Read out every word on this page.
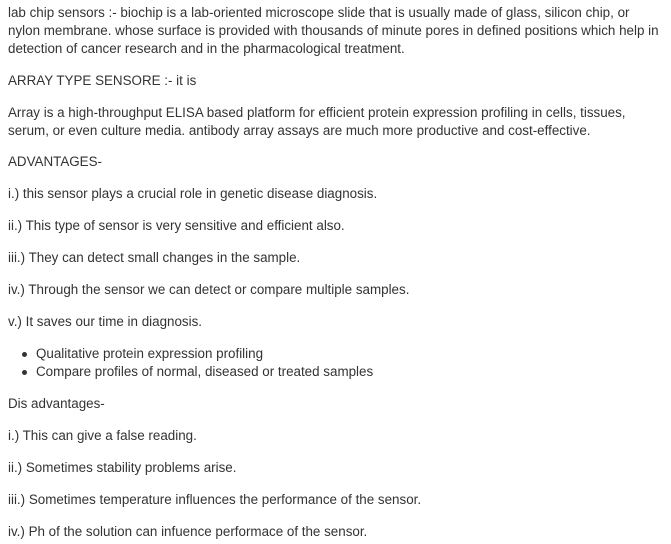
lab chip sensors :- biochip is a lab-oriented microscope slide that is usually made of glass, silicon chip, or nylon membrane. whose surface is provided with thousands of minute pores in defined positions which help in detection of cancer research and in the pharmacological treatment.

ARRAY TYPE SENSORE :- it is

Array is a high-throughput ELISA based platform for efficient protein expression profiling in cells, tissues, serum, or even culture media. antibody array assays are much more productive and cost-effective.

ADVANTAGES-

i.) this sensor plays a crucial role in genetic disease diagnosis.

ii.) This type of sensor is very sensitive and efficient also.

iii.) They can detect small changes in the sample.

iv.) Through the sensor we can detect or compare multiple samples.

v.) It saves our time in diagnosis.

Qualitative protein expression profiling
Compare profiles of normal, diseased or treated samples

Dis advantages-

i.) This can give a false reading.

ii.) Sometimes stability problems arise.

iii.) Sometimes temperature influences the performance of the sensor.

iv.) Ph of the solution can infuence performace of the sensor.
